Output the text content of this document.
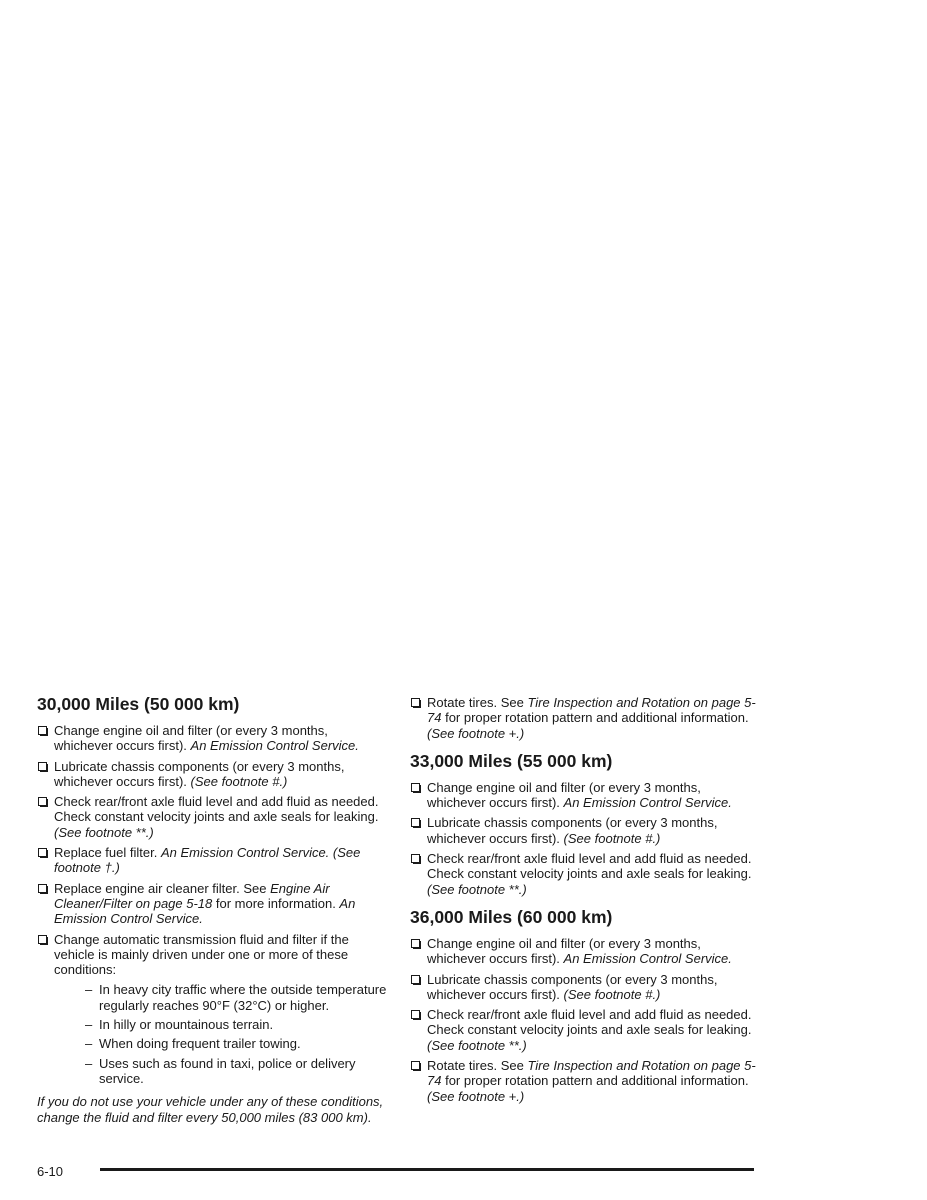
30,000 Miles (50 000 km)
Change engine oil and filter (or every 3 months, whichever occurs first). An Emission Control Service.
Lubricate chassis components (or every 3 months, whichever occurs first). (See footnote #.)
Check rear/front axle fluid level and add fluid as needed. Check constant velocity joints and axle seals for leaking. (See footnote **.)
Replace fuel filter. An Emission Control Service. (See footnote †.)
Replace engine air cleaner filter. See Engine Air Cleaner/Filter on page 5-18 for more information. An Emission Control Service.
Change automatic transmission fluid and filter if the vehicle is mainly driven under one or more of these conditions:
– In heavy city traffic where the outside temperature regularly reaches 90°F (32°C) or higher.
– In hilly or mountainous terrain.
– When doing frequent trailer towing.
– Uses such as found in taxi, police or delivery service.
If you do not use your vehicle under any of these conditions, change the fluid and filter every 50,000 miles (83 000 km).
Rotate tires. See Tire Inspection and Rotation on page 5-74 for proper rotation pattern and additional information. (See footnote +.)
33,000 Miles (55 000 km)
Change engine oil and filter (or every 3 months, whichever occurs first). An Emission Control Service.
Lubricate chassis components (or every 3 months, whichever occurs first). (See footnote #.)
Check rear/front axle fluid level and add fluid as needed. Check constant velocity joints and axle seals for leaking. (See footnote **.)
36,000 Miles (60 000 km)
Change engine oil and filter (or every 3 months, whichever occurs first). An Emission Control Service.
Lubricate chassis components (or every 3 months, whichever occurs first). (See footnote #.)
Check rear/front axle fluid level and add fluid as needed. Check constant velocity joints and axle seals for leaking. (See footnote **.)
Rotate tires. See Tire Inspection and Rotation on page 5-74 for proper rotation pattern and additional information. (See footnote +.)
6-10
